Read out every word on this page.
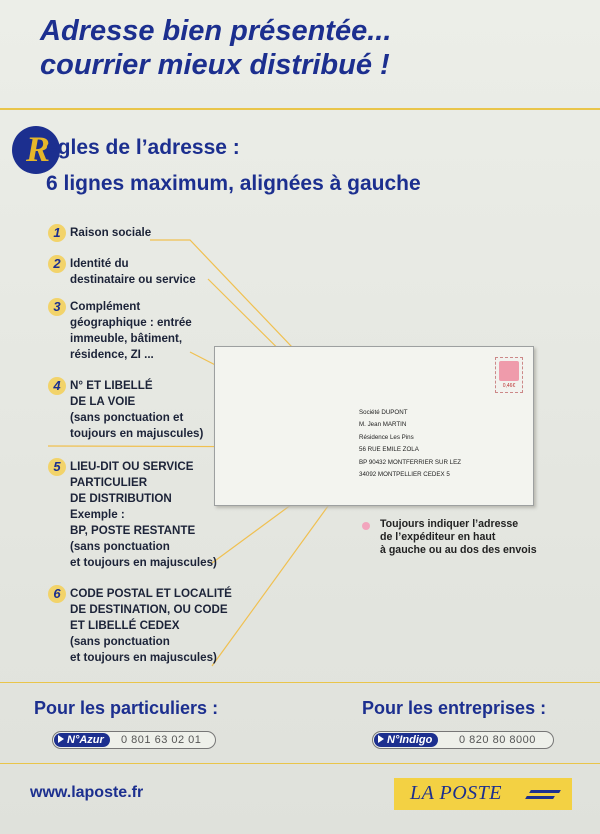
Adresse bien présentée...
courrier mieux distribué !
R
egles de l’adresse :
6 lignes maximum, alignées à gauche
1 Raison sociale
2 Identité du
destinataire ou service
3 Complément
géographique : entrée
immeuble, bâtiment,
résidence, ZI ...
4 N° ET LIBELLÉ
DE LA VOIE
(sans ponctuation et
toujours en majuscules)
5 LIEU-DIT OU SERVICE
PARTICULIER
DE DISTRIBUTION
Exemple :
BP, POSTE RESTANTE
(sans ponctuation
et toujours en majuscules)
6 CODE POSTAL ET LOCALITÉ
DE DESTINATION, OU CODE
ET LIBELLÉ CEDEX
(sans ponctuation
et toujours en majuscules)
0,46€
Société DUPONT
M. Jean MARTIN
Résidence Les Pins
56 RUE EMILE ZOLA
BP 90432 MONTFERRIER SUR LEZ
34092 MONTPELLIER CEDEX 5
Toujours indiquer l’adresse
de l’expéditeur en haut
à gauche ou au dos des envois
Pour les particuliers :	Pour les entreprises :
N°Azur	0 801 63 02 01	N°Indigo	0 820 80 8000
www.laposte.fr	LA POSTE
